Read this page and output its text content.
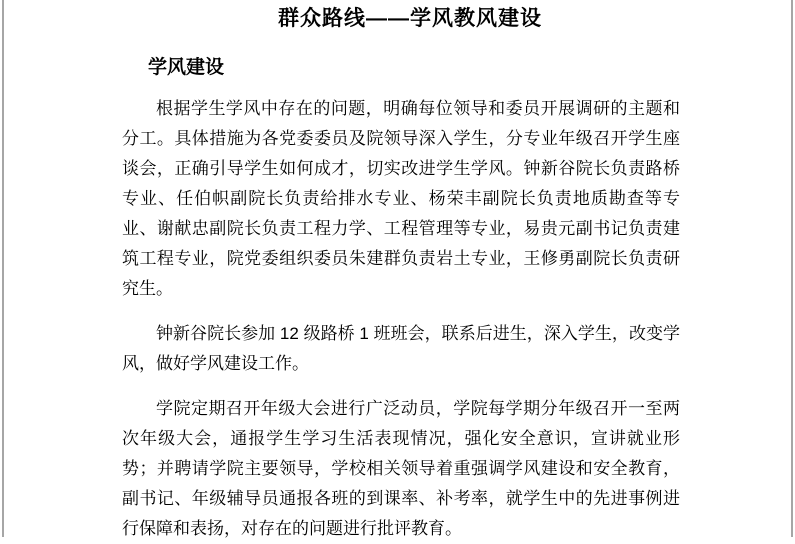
群众路线——学风教风建设
学风建设

根据学生学风中存在的问题，明确每位领导和委员开展调研的主题和分工。具体措施为各党委委员及院领导深入学生，分专业年级召开学生座谈会，正确引导学生如何成才，切实改进学生学风。钟新谷院长负责路桥专业、任伯帜副院长负责给排水专业、杨荣丰副院长负责地质勘查等专业、谢献忠副院长负责工程力学、工程管理等专业，易贵元副书记负责建筑工程专业，院党委组织委员朱建群负责岩土专业，王修勇副院长负责研究生。

钟新谷院长参加 12 级路桥 1 班班会，联系后进生，深入学生，改变学风，做好学风建设工作。

学院定期召开年级大会进行广泛动员，学院每学期分年级召开一至两次年级大会，通报学生学习生活表现情况，强化安全意识，宣讲就业形势；并聘请学院主要领导，学校相关领导着重强调学风建设和安全教育，副书记、年级辅导员通报各班的到课率、补考率，就学生中的先进事例进行保障和表扬，对存在的问题进行批评教育。
